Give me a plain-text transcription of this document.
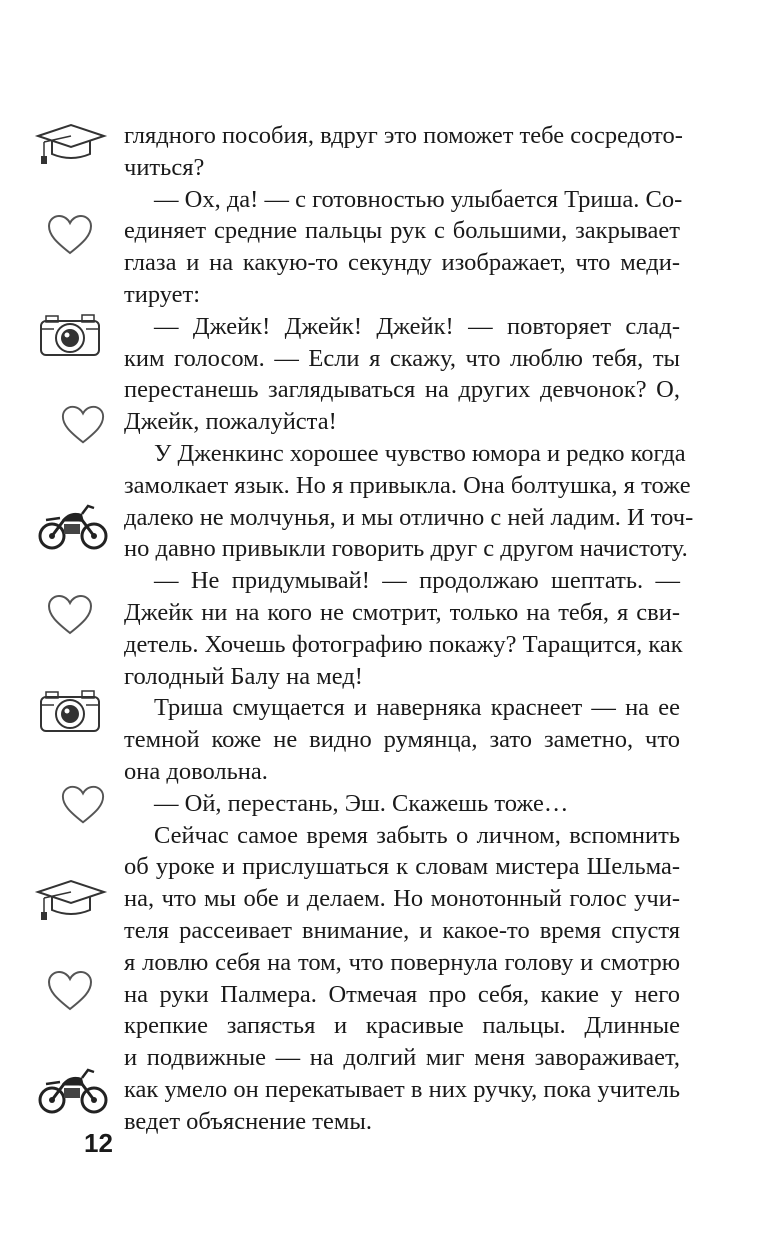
глядного пособия, вдруг это поможет тебе сосредото-
читься?
— Ох, да! — с готовностью улыбается Триша. Со-
единяет средние пальцы рук с большими, закрывает
глаза и на какую-то секунду изображает, что меди-
тирует:
— Джейк! Джейк! Джейк! — повторяет слад-
ким голосом. — Если я скажу, что люблю тебя, ты
перестанешь заглядываться на других девчонок? О,
Джейк, пожалуйста!
У Дженкинс хорошее чувство юмора и редко когда
замолкает язык. Но я привыкла. Она болтушка, я тоже
далеко не молчунья, и мы отлично с ней ладим. И точ-
но давно привыкли говорить друг с другом начистоту.
— Не придумывай! — продолжаю шептать. —
Джейк ни на кого не смотрит, только на тебя, я сви-
детель. Хочешь фотографию покажу? Таращится, как
голодный Балу на мед!
Триша смущается и наверняка краснеет — на ее
темной коже не видно румянца, зато заметно, что
она довольна.
— Ой, перестань, Эш. Скажешь тоже…
Сейчас самое время забыть о личном, вспомнить
об уроке и прислушаться к словам мистера Шельма-
на, что мы обе и делаем. Но монотонный голос учи-
теля рассеивает внимание, и какое-то время спустя
я ловлю себя на том, что повернула голову и смотрю
на руки Палмера. Отмечая про себя, какие у него
крепкие запястья и красивые пальцы. Длинные
и подвижные — на долгий миг меня завораживает,
как умело он перекатывает в них ручку, пока учитель
ведет объяснение темы.
12
